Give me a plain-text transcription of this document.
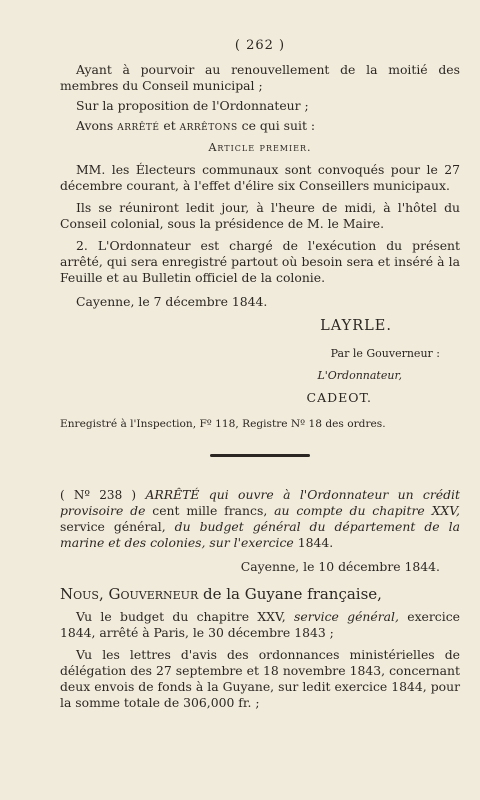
( 262 )

Ayant à pourvoir au renouvellement de la moitié des membres du Conseil municipal ;

Sur la proposition de l'Ordonnateur ;

Avons arrêté et arrêtons ce qui suit :

Article premier.

MM. les Électeurs communaux sont convoqués pour le 27 décembre courant, à l'effet d'élire six Conseillers municipaux.

Ils se réuniront ledit jour, à l'heure de midi, à l'hôtel du Conseil colonial, sous la présidence de M. le Maire.

2. L'Ordonnateur est chargé de l'exécution du présent arrêté, qui sera enregistré partout où besoin sera et inséré à la Feuille et au Bulletin officiel de la colonie.

Cayenne, le 7 décembre 1844.

LAYRLE.
Par le Gouverneur :
L'Ordonnateur,
CADEOT.
Enregistré à l'Inspection, Fº 118, Registre Nº 18 des ordres.

( Nº 238 ) ARRÊTÉ qui ouvre à l'Ordonnateur un crédit provisoire de cent mille francs, au compte du chapitre XXV, service général, du budget général du département de la marine et des colonies, sur l'exercice 1844.

Cayenne, le 10 décembre 1844.

Nous, Gouverneur de la Guyane française,

Vu le budget du chapitre XXV, service général, exercice 1844, arrêté à Paris, le 30 décembre 1843 ;

Vu les lettres d'avis des ordonnances ministérielles de délégation des 27 septembre et 18 novembre 1843, concernant deux envois de fonds à la Guyane, sur ledit exercice 1844, pour la somme totale de 306,000 fr. ;
